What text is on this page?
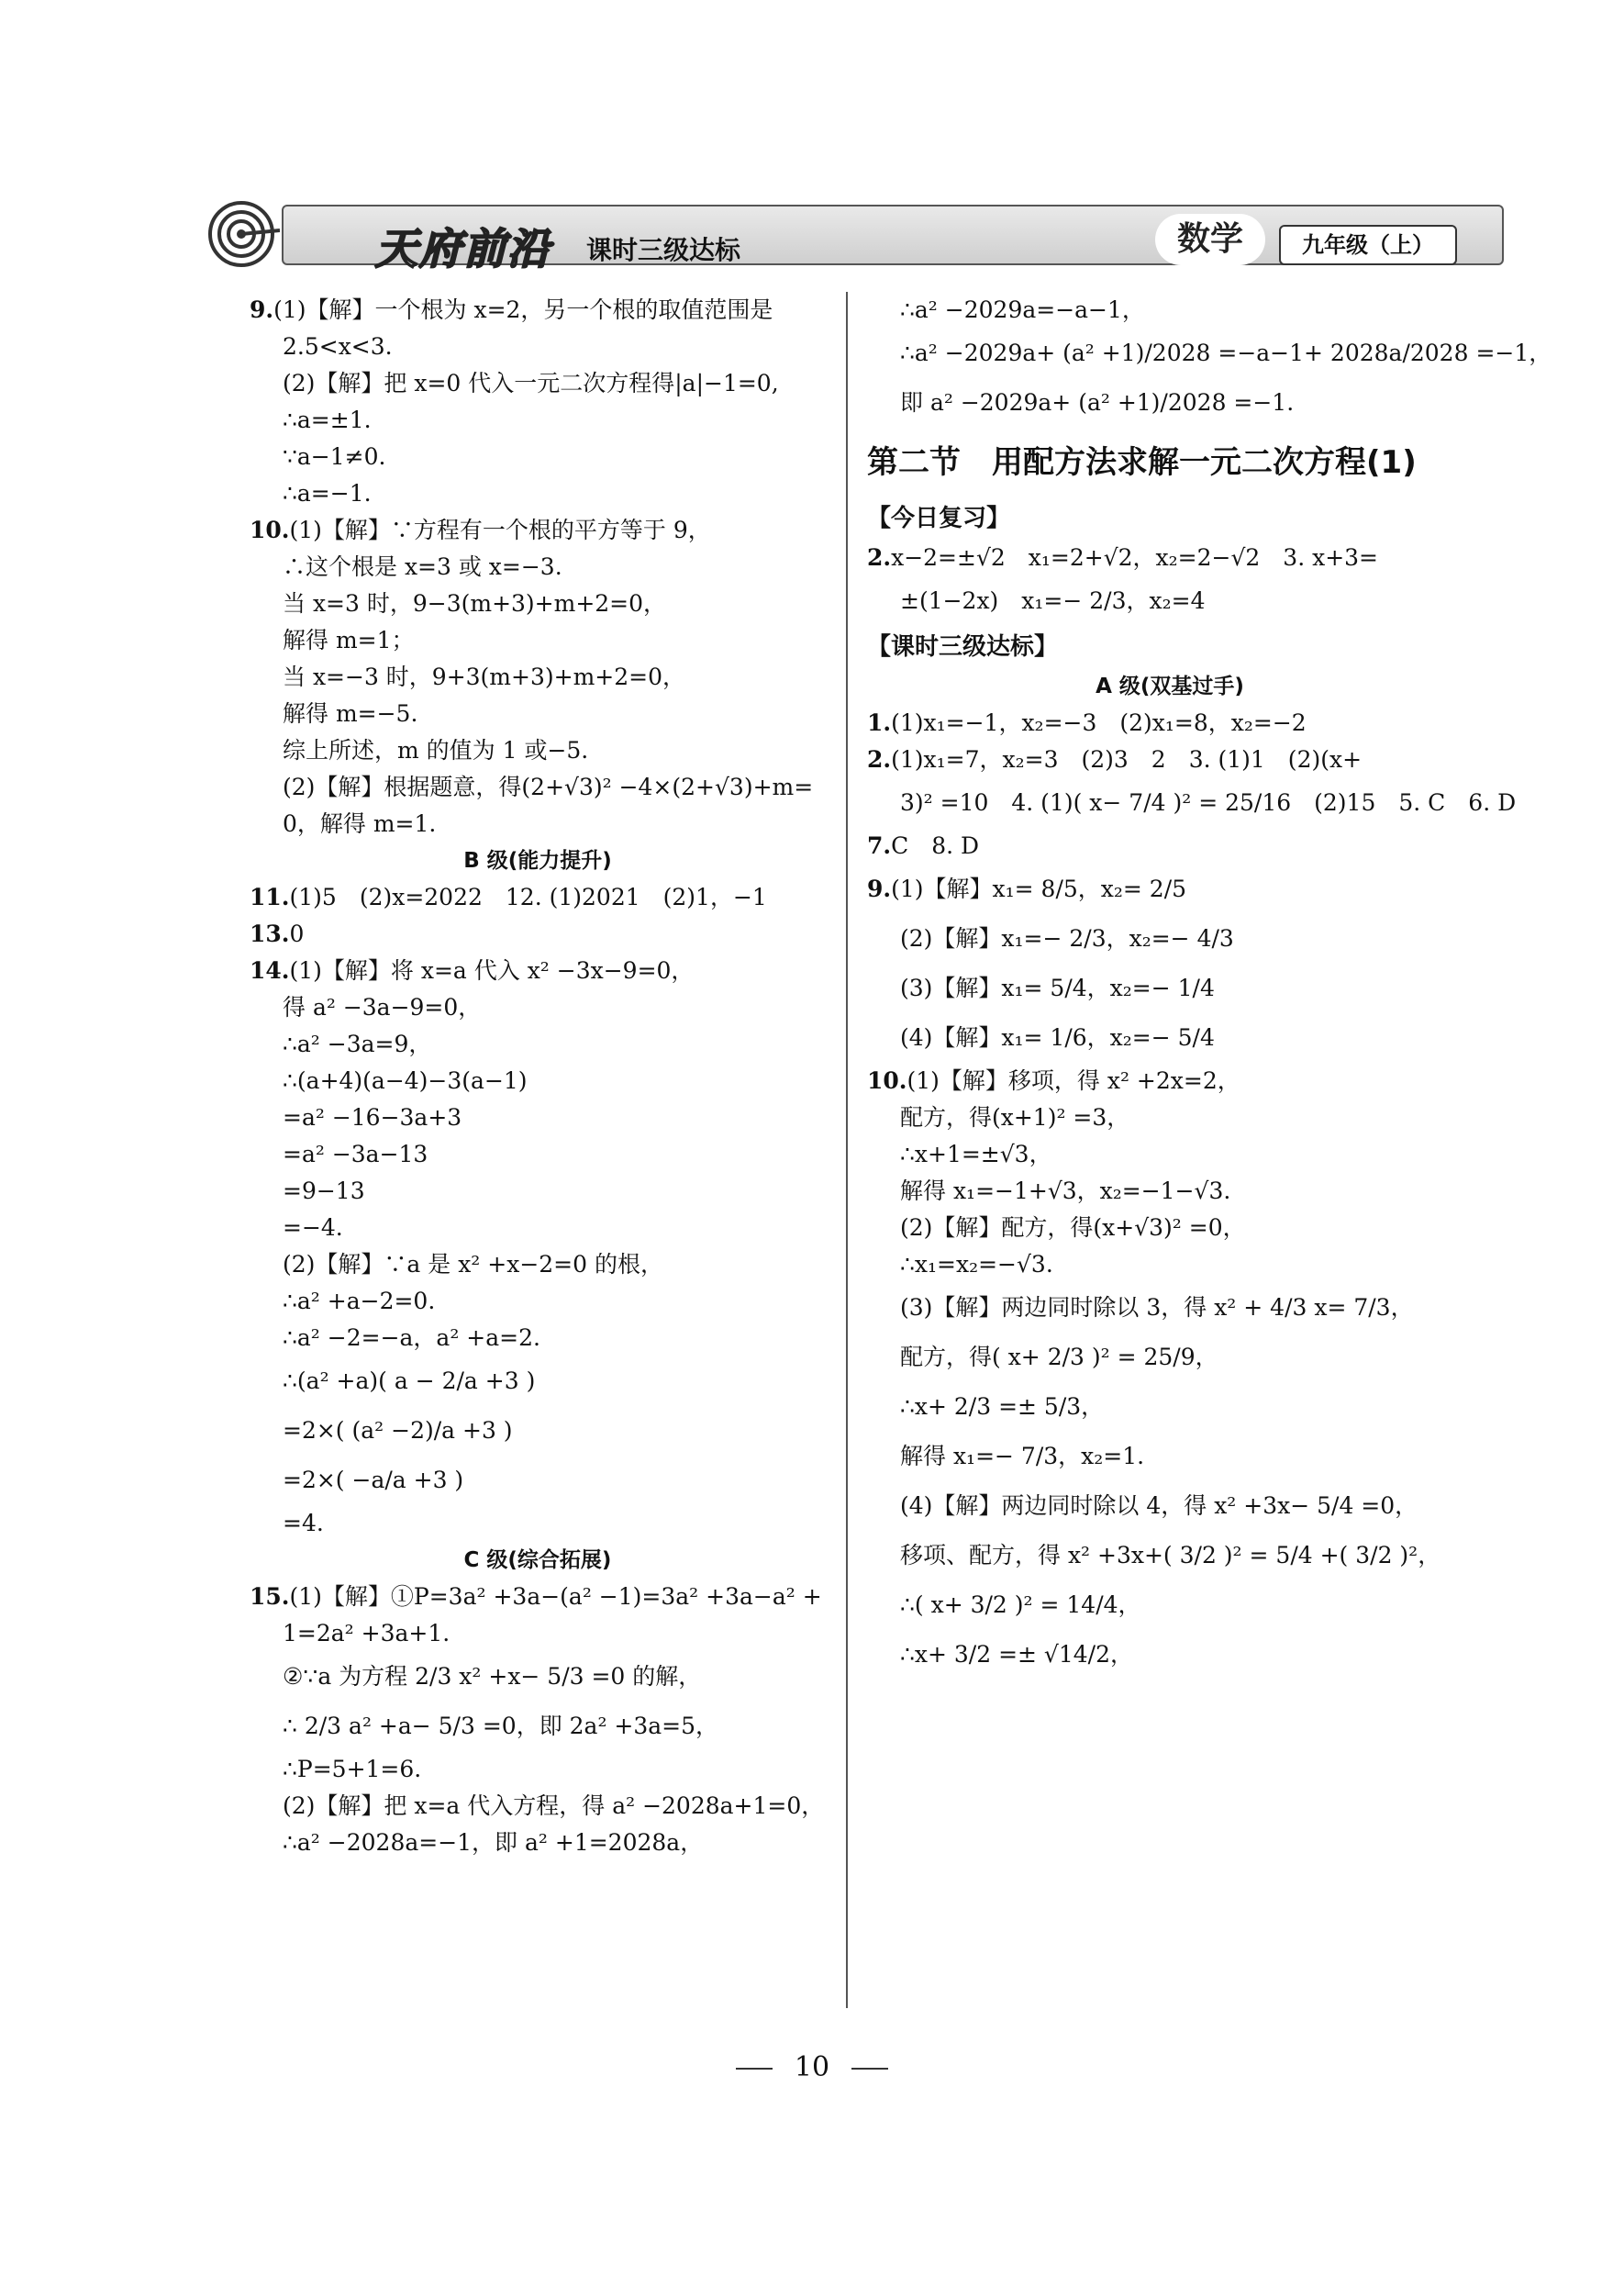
天府前沿 课时三级达标	数学	九年级（上）
9.(1)【解】一个根为 x=2，另一个根的取值范围是
2.5<x<3.
(2)【解】把 x=0 代入一元二次方程得|a|−1=0,
∴a=±1.
∵a−1≠0.
∴a=−1.
10.(1)【解】∵方程有一个根的平方等于 9，
∴这个根是 x=3 或 x=−3.
当 x=3 时，9−3(m+3)+m+2=0，
解得 m=1；
当 x=−3 时，9+3(m+3)+m+2=0，
解得 m=−5.
综上所述，m 的值为 1 或−5.
(2)【解】根据题意，得(2+√3)² −4×(2+√3)+m=
0，解得 m=1.
B 级(能力提升)
11.(1)5　(2)x=2022　12. (1)2021　(2)1，−1
13.0
14.(1)【解】将 x=a 代入 x² −3x−9=0，
得 a² −3a−9=0，
∴a² −3a=9，
∴(a+4)(a−4)−3(a−1)
=a² −16−3a+3
=a² −3a−13
=9−13
=−4.
(2)【解】∵a 是 x² +x−2=0 的根，
∴a² +a−2=0.
∴a² −2=−a，a² +a=2.
∴(a² +a)( a − 2/a +3 )
=2×( (a² −2)/a +3 )
=2×( −a/a +3 )
=4.
C 级(综合拓展)
15.(1)【解】①P=3a² +3a−(a² −1)=3a² +3a−a² +
1=2a² +3a+1.
②∵a 为方程 2/3 x² +x− 5/3 =0 的解，
∴ 2/3 a² +a− 5/3 =0，即 2a² +3a=5，
∴P=5+1=6.
(2)【解】把 x=a 代入方程，得 a² −2028a+1=0，
∴a² −2028a=−1，即 a² +1=2028a，
∴a² −2029a=−a−1，
∴a² −2029a+ (a² +1)/2028 =−a−1+ 2028a/2028 =−1，
即 a² −2029a+ (a² +1)/2028 =−1.
第二节　用配方法求解一元二次方程(1)
【今日复习】
2.x−2=±√2　x₁=2+√2，x₂=2−√2　3. x+3=
±(1−2x)　x₁=− 2/3，x₂=4
【课时三级达标】
A 级(双基过手)
1.(1)x₁=−1，x₂=−3　(2)x₁=8，x₂=−2
2.(1)x₁=7，x₂=3　(2)3　2　3. (1)1　(2)(x+
3)² =10　4. (1)( x− 7/4 )² = 25/16　(2)15　5. C　6. D
7.C　8. D
9.(1)【解】x₁= 8/5，x₂= 2/5
(2)【解】x₁=− 2/3，x₂=− 4/3
(3)【解】x₁= 5/4，x₂=− 1/4
(4)【解】x₁= 1/6，x₂=− 5/4
10.(1)【解】移项，得 x² +2x=2，
配方，得(x+1)² =3，
∴x+1=±√3，
解得 x₁=−1+√3，x₂=−1−√3.
(2)【解】配方，得(x+√3)² =0，
∴x₁=x₂=−√3.
(3)【解】两边同时除以 3，得 x² + 4/3 x= 7/3，
配方，得( x+ 2/3 )² = 25/9，
∴x+ 2/3 =± 5/3，
解得 x₁=− 7/3，x₂=1.
(4)【解】两边同时除以 4，得 x² +3x− 5/4 =0，
移项、配方，得 x² +3x+( 3/2 )² = 5/4 +( 3/2 )²，
∴( x+ 3/2 )² = 14/4，
∴x+ 3/2 =± √14/2，
10
